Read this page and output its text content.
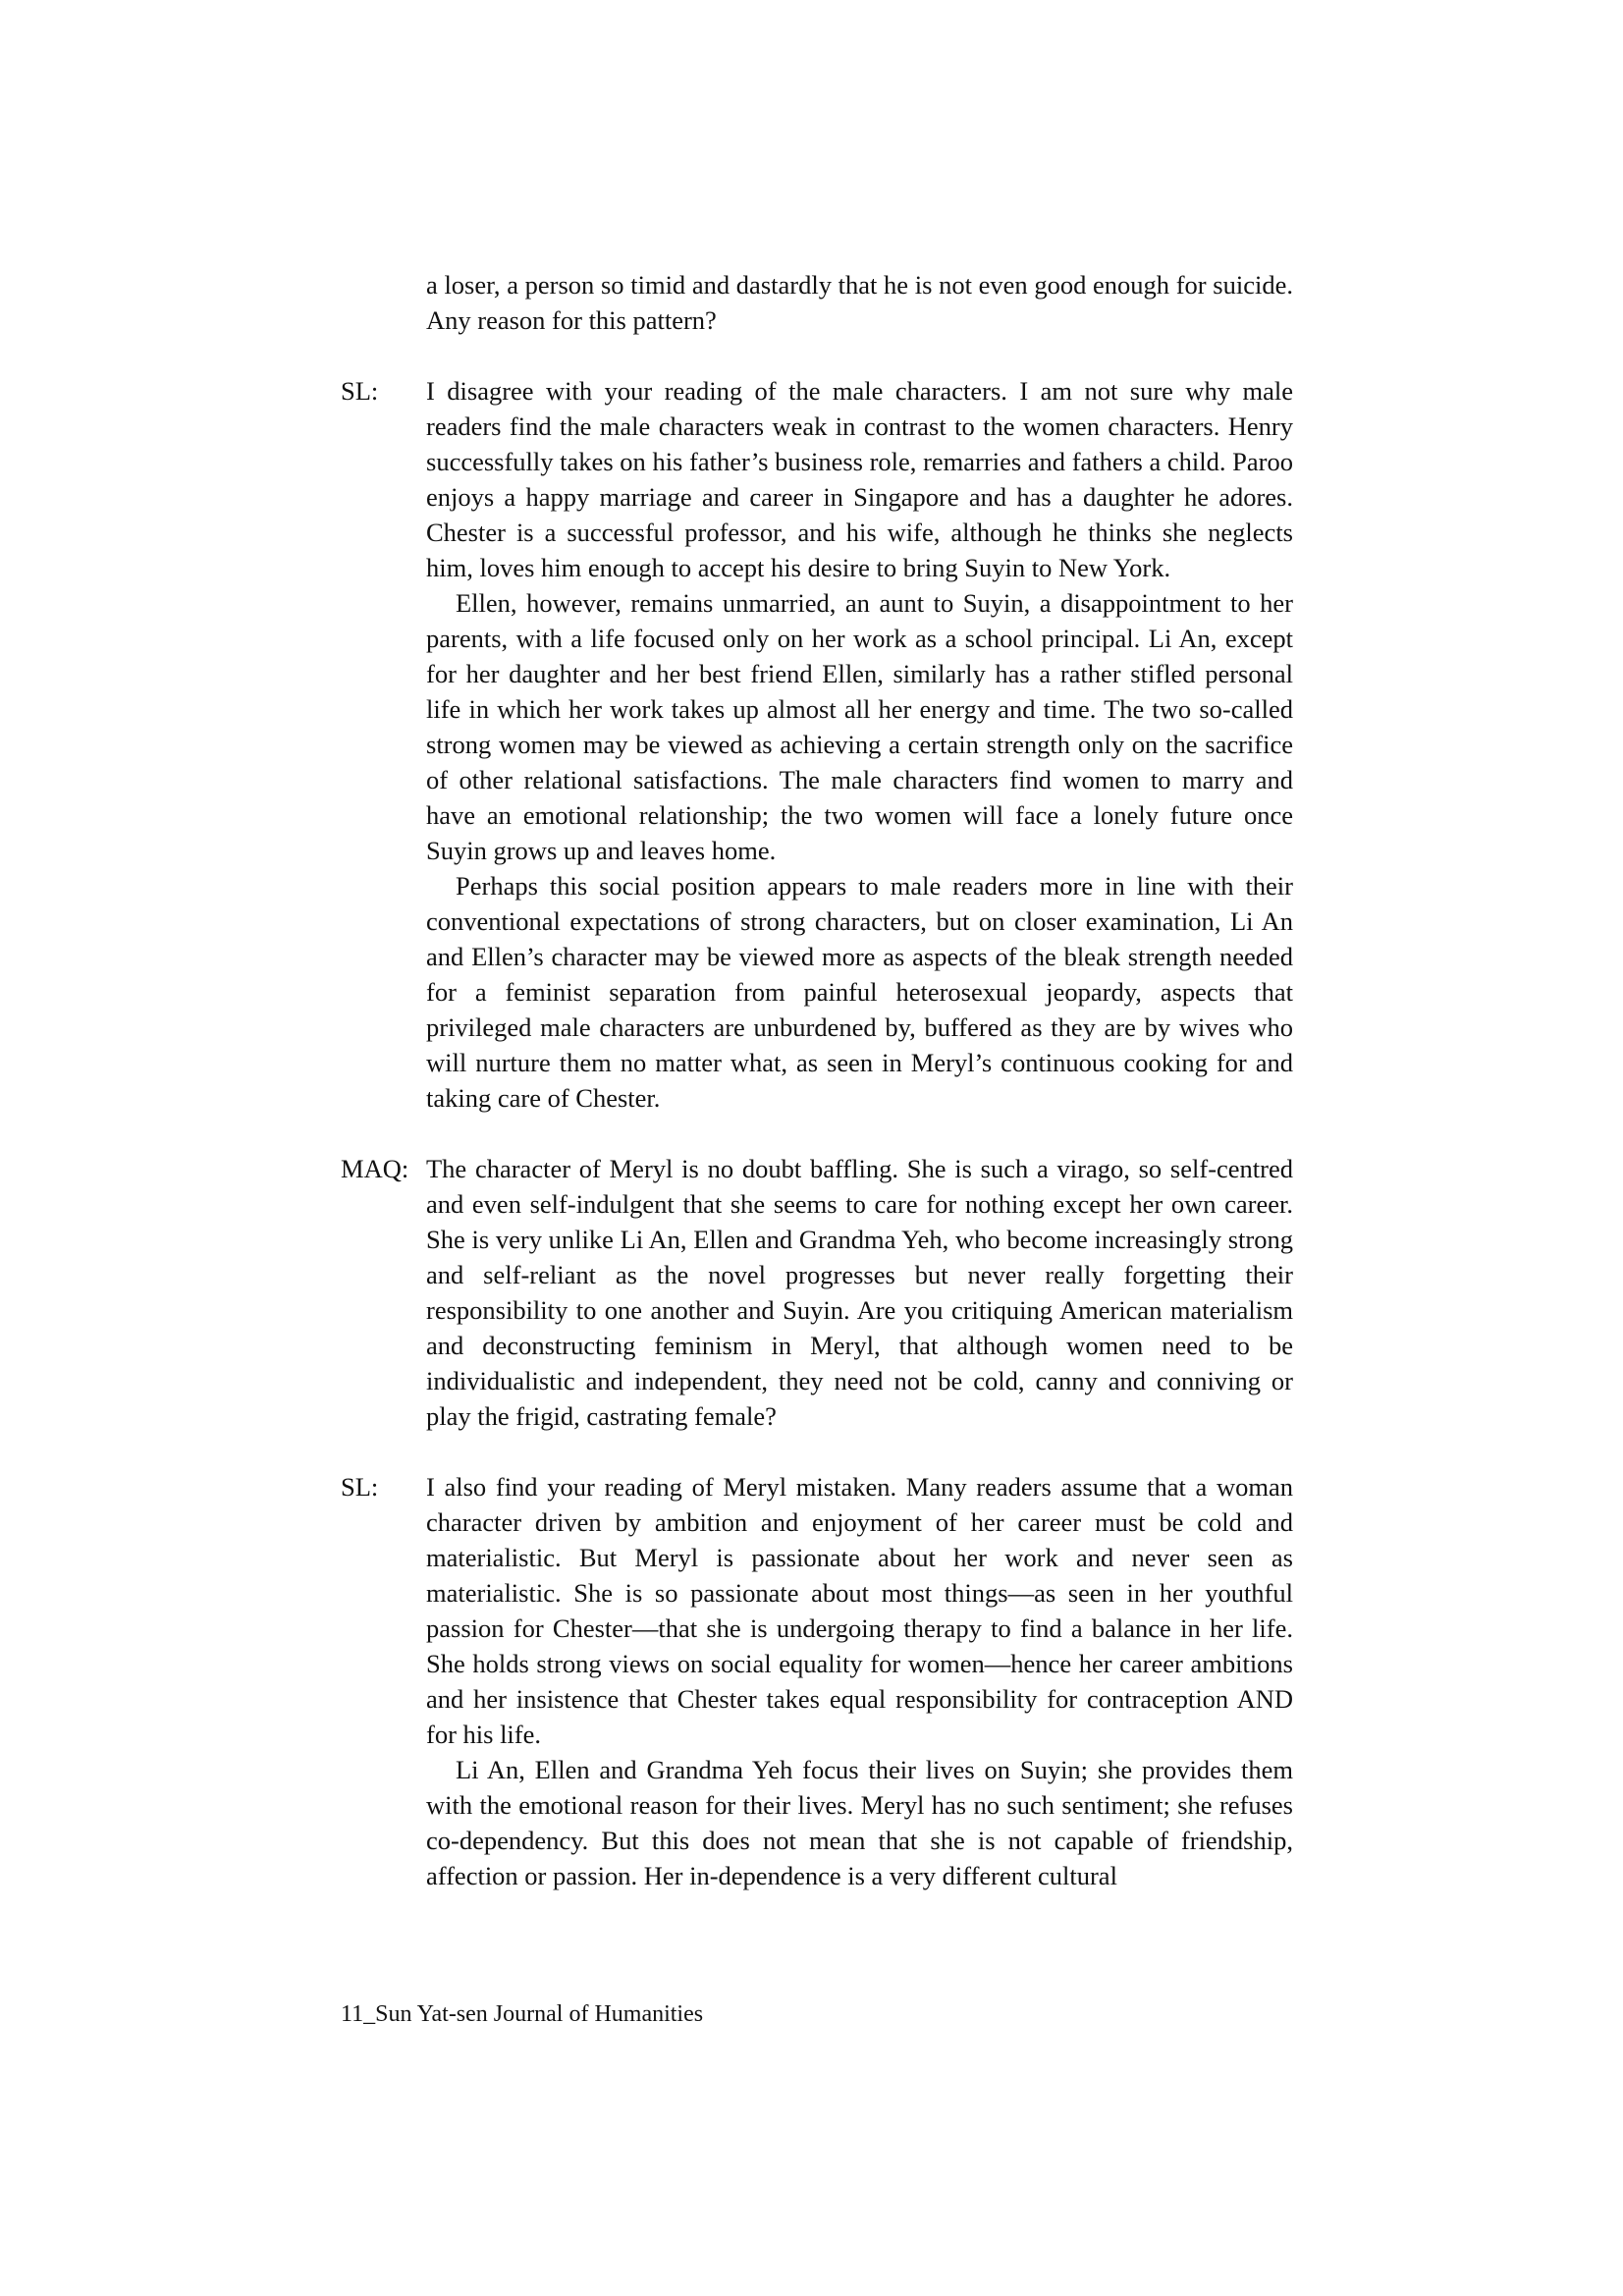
a loser, a person so timid and dastardly that he is not even good enough for suicide. Any reason for this pattern?

SL: I disagree with your reading of the male characters. I am not sure why male readers find the male characters weak in contrast to the women characters. Henry successfully takes on his father’s business role, remarries and fathers a child. Paroo enjoys a happy marriage and career in Singapore and has a daughter he adores. Chester is a successful professor, and his wife, although he thinks she neglects him, loves him enough to accept his desire to bring Suyin to New York.

Ellen, however, remains unmarried, an aunt to Suyin, a disappointment to her parents, with a life focused only on her work as a school principal. Li An, except for her daughter and her best friend Ellen, similarly has a rather stifled personal life in which her work takes up almost all her energy and time. The two so-called strong women may be viewed as achieving a certain strength only on the sacrifice of other relational satisfactions. The male characters find women to marry and have an emotional relationship; the two women will face a lonely future once Suyin grows up and leaves home.

Perhaps this social position appears to male readers more in line with their conventional expectations of strong characters, but on closer examination, Li An and Ellen’s character may be viewed more as aspects of the bleak strength needed for a feminist separation from painful heterosexual jeopardy, aspects that privileged male characters are unburdened by, buffered as they are by wives who will nurture them no matter what, as seen in Meryl’s continuous cooking for and taking care of Chester.

MAQ: The character of Meryl is no doubt baffling. She is such a virago, so self-centred and even self-indulgent that she seems to care for nothing except her own career. She is very unlike Li An, Ellen and Grandma Yeh, who become increasingly strong and self-reliant as the novel progresses but never really forgetting their responsibility to one another and Suyin. Are you critiquing American materialism and deconstructing feminism in Meryl, that although women need to be individualistic and independent, they need not be cold, canny and conniving or play the frigid, castrating female?

SL: I also find your reading of Meryl mistaken. Many readers assume that a woman character driven by ambition and enjoyment of her career must be cold and materialistic. But Meryl is passionate about her work and never seen as materialistic. She is so passionate about most things—as seen in her youthful passion for Chester—that she is undergoing therapy to find a balance in her life. She holds strong views on social equality for women—hence her career ambitions and her insistence that Chester takes equal responsibility for contraception AND for his life.

Li An, Ellen and Grandma Yeh focus their lives on Suyin; she provides them with the emotional reason for their lives. Meryl has no such sentiment; she refuses co-dependency. But this does not mean that she is not capable of friendship, affection or passion. Her in-dependence is a very different cultural

11_Sun Yat-sen Journal of Humanities
